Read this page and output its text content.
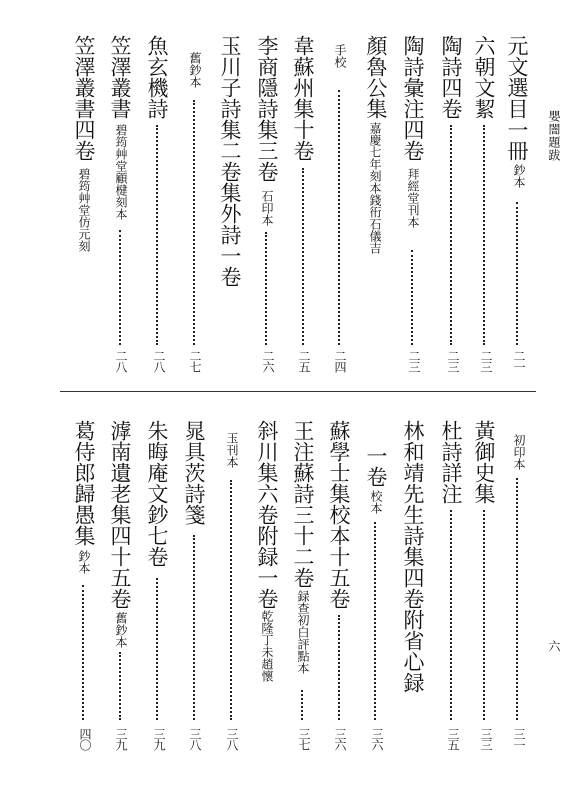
嬰闇題跋
六
元文選目一冊
鈔本
二一
六朝文絜
二三
陶詩四卷
二三
陶詩彙注四卷
拜經堂刊本
二三
顏魯公集
嘉慶七年刻本錢衎石儀吉
手校
二四
韋蘇州集十卷
二五
李商隱詩集三卷
石印本
二六
玉川子詩集二卷集外詩一卷
舊鈔本
二七
魚玄機詩
二八
笠澤叢書
碧筠艸堂顧楗刻本
二八
笠澤叢書四卷
碧筠艸堂仿元刻
初印本
三一
黃御史集
三三
杜詩詳注
三五
林和靖先生詩集四卷附省心録
一卷
校本
三六
蘇學士集校本十五卷
三六
王注蘇詩三十二卷
録查初白評點本
三七
斜川集六卷附録一卷
乾隆丁未趙懷
玉刊本
三八
晁具茨詩箋
三八
朱晦庵文鈔七卷
三九
滹南遺老集四十五卷
舊鈔本
三九
葛侍郎歸愚集
鈔本
四〇
